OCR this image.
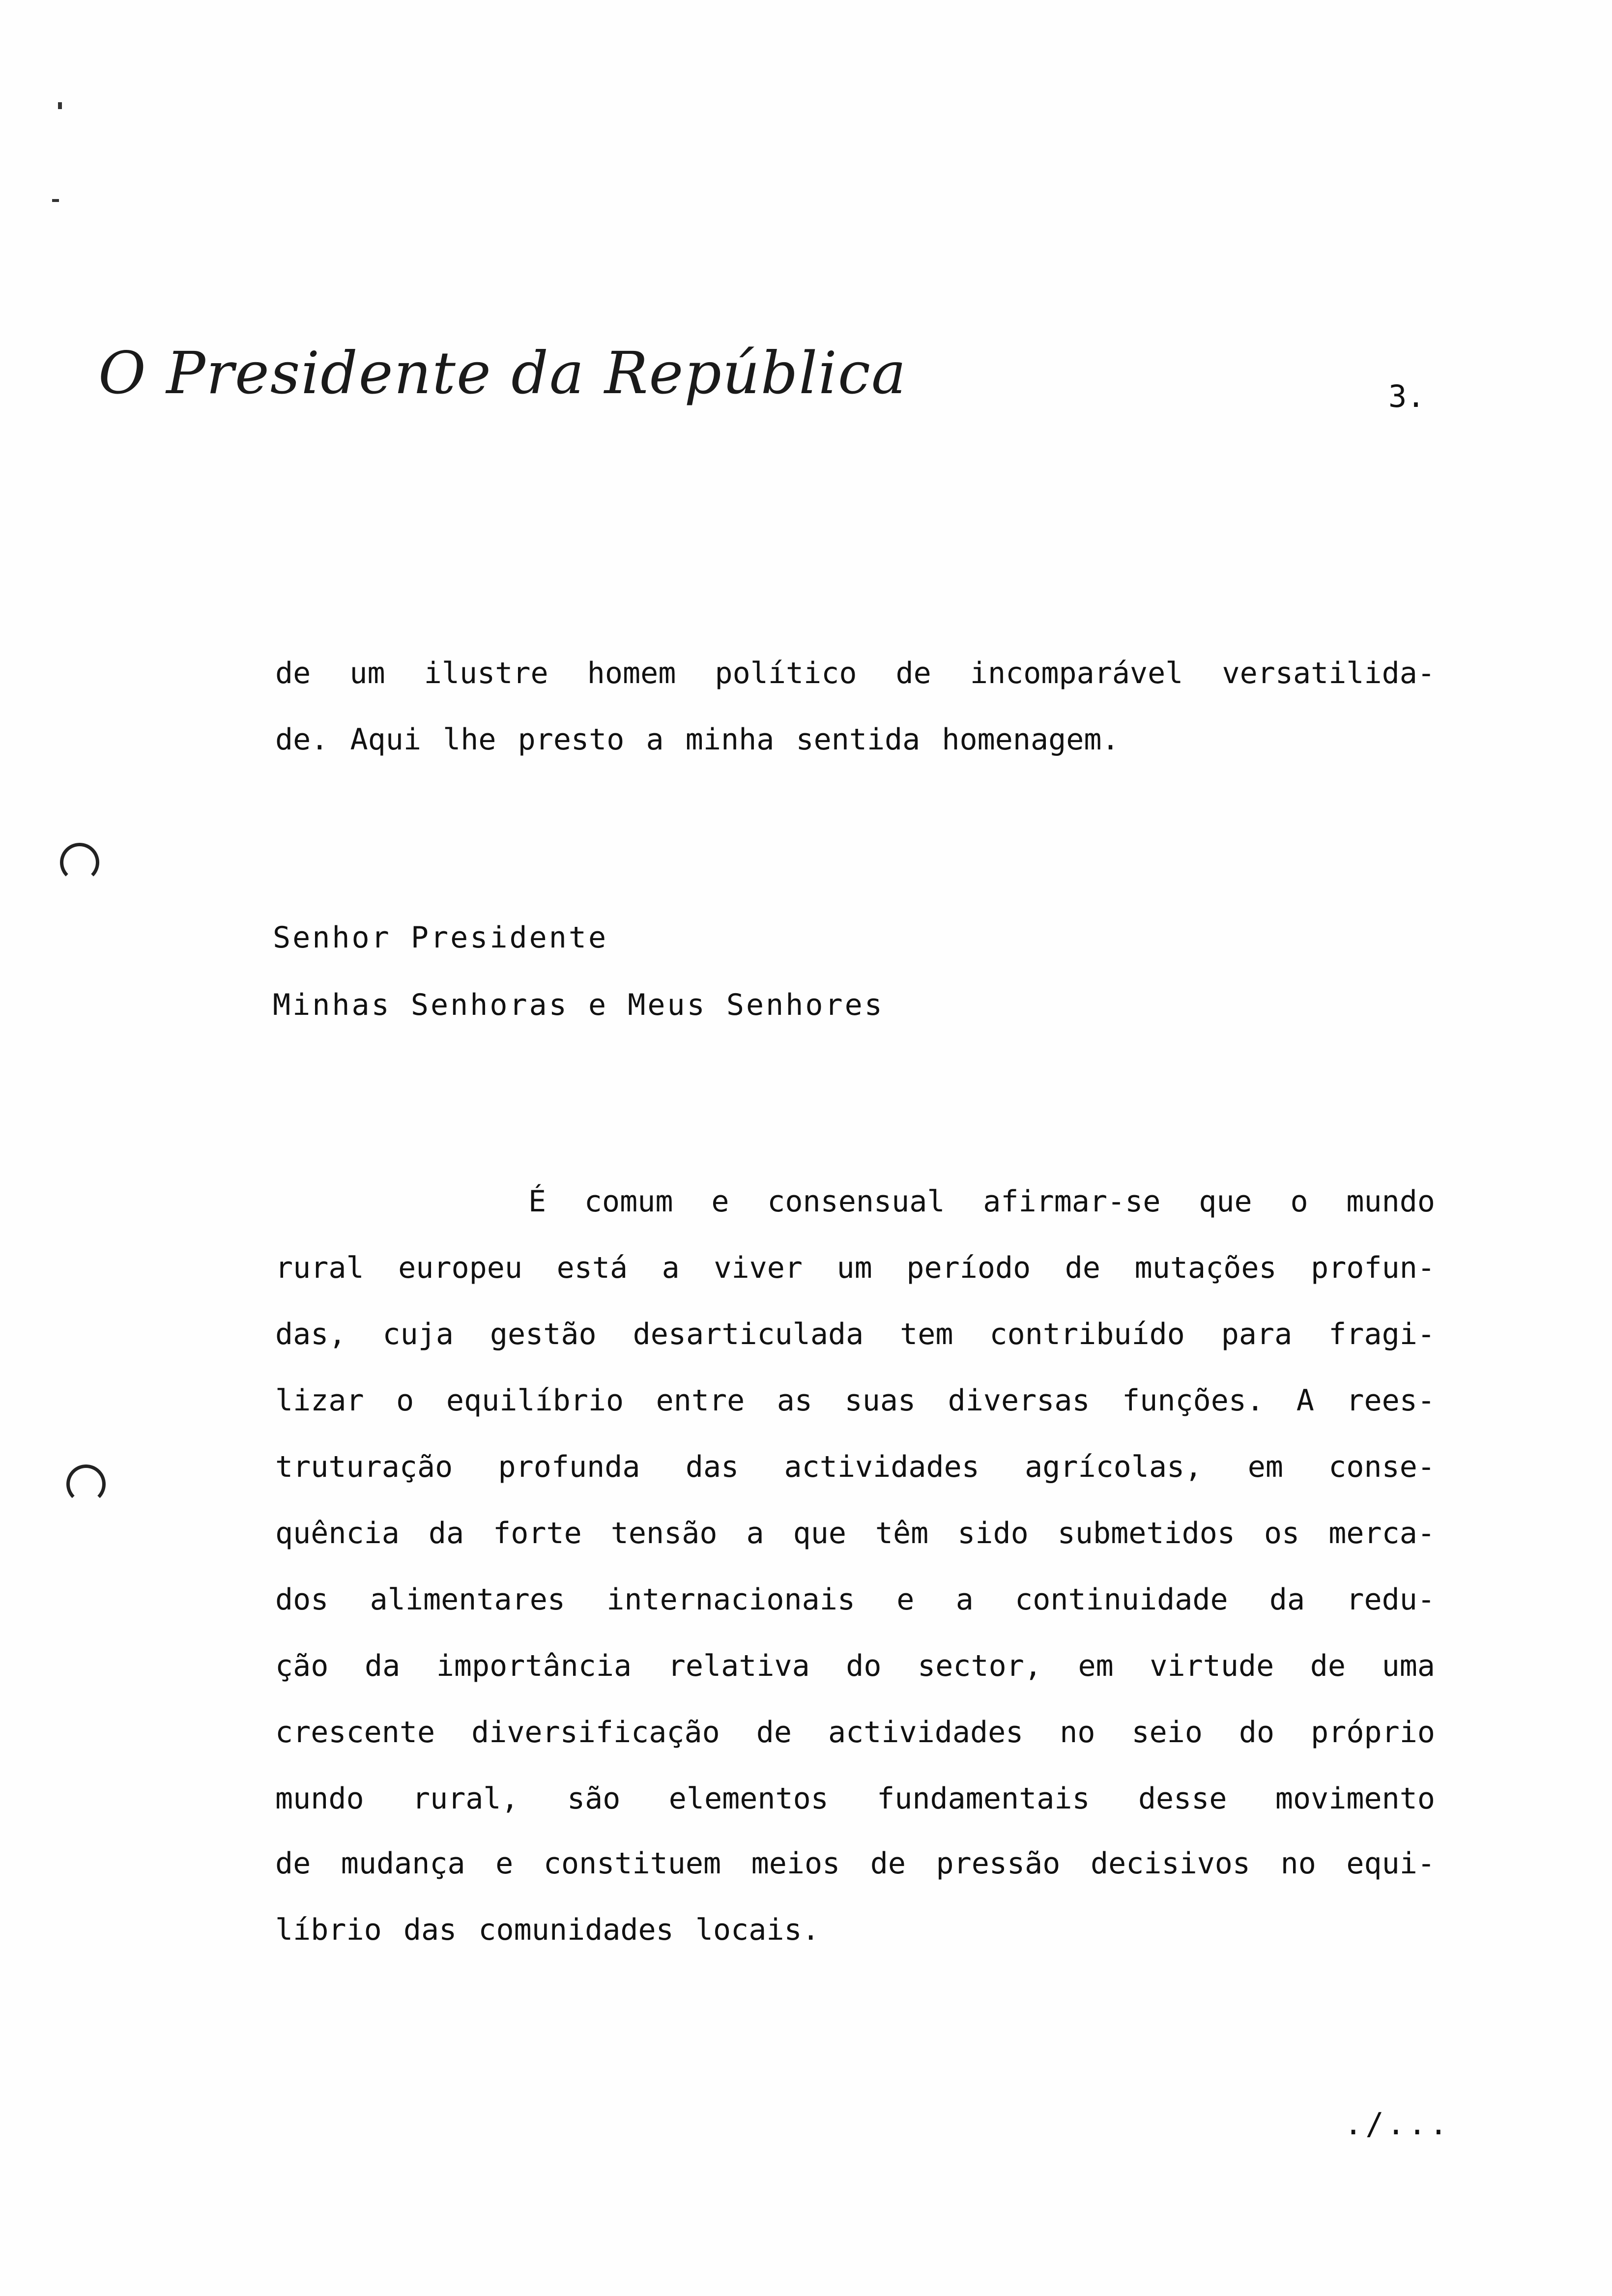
O Presidente da República	3.
de um ilustre homem político de incomparável versatilida-
de. Aqui lhe presto a minha sentida homenagem.
Senhor Presidente
Minhas Senhoras e Meus Senhores
É comum e consensual afirmar-se que o mundo
rural europeu está a viver um período de mutações profun-
das, cuja gestão desarticulada tem contribuído para fragi-
lizar o equilíbrio entre as suas diversas funções. A rees-
truturação profunda das actividades agrícolas, em conse-
quência da forte tensão a que têm sido submetidos os merca-
dos alimentares internacionais e a continuidade da redu-
ção da importância relativa do sector, em virtude de uma
crescente diversificação de actividades no seio do próprio
mundo rural, são elementos fundamentais desse movimento
de mudança e constituem meios de pressão decisivos no equi-
líbrio das comunidades locais.
./...
